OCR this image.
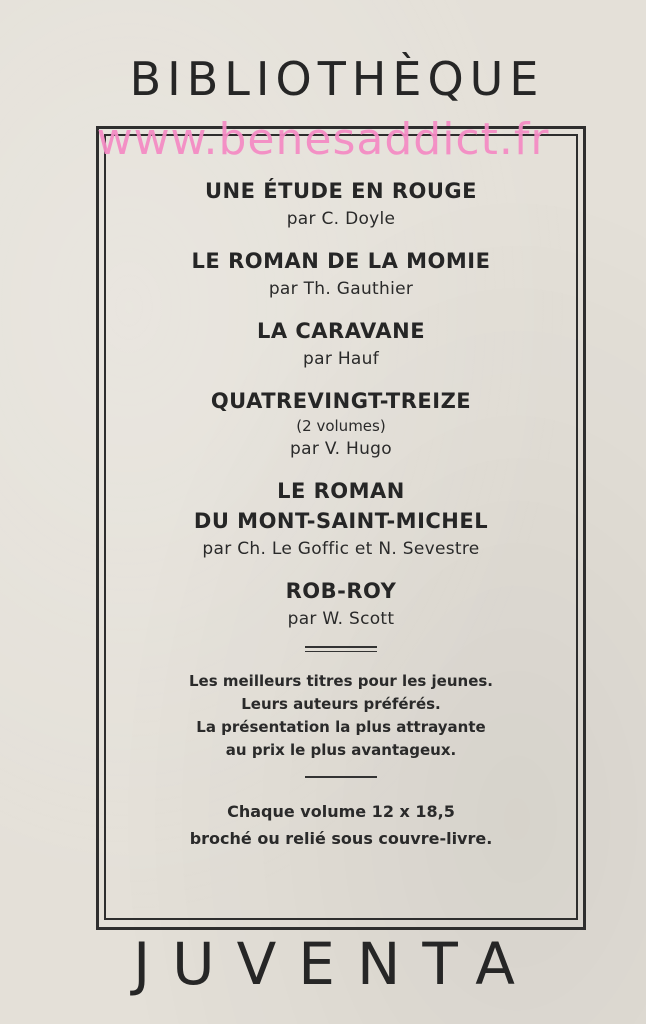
BIBLIOTHÈQUE
UNE ÉTUDE EN ROUGE
par C. Doyle
LE ROMAN DE LA MOMIE
par Th. Gauthier
LA CARAVANE
par Hauf
QUATREVINGT-TREIZE
(2 volumes)
par V. Hugo
LE ROMAN
DU MONT-SAINT-MICHEL
par Ch. Le Goffic et N. Sevestre
ROB-ROY
par W. Scott
Les meilleurs titres pour les jeunes.
Leurs auteurs préférés.
La présentation la plus attrayante
au prix le plus avantageux.
Chaque volume 12 x 18,5
broché ou relié sous couvre-livre.
www.benesaddict.fr
JUVENTA
